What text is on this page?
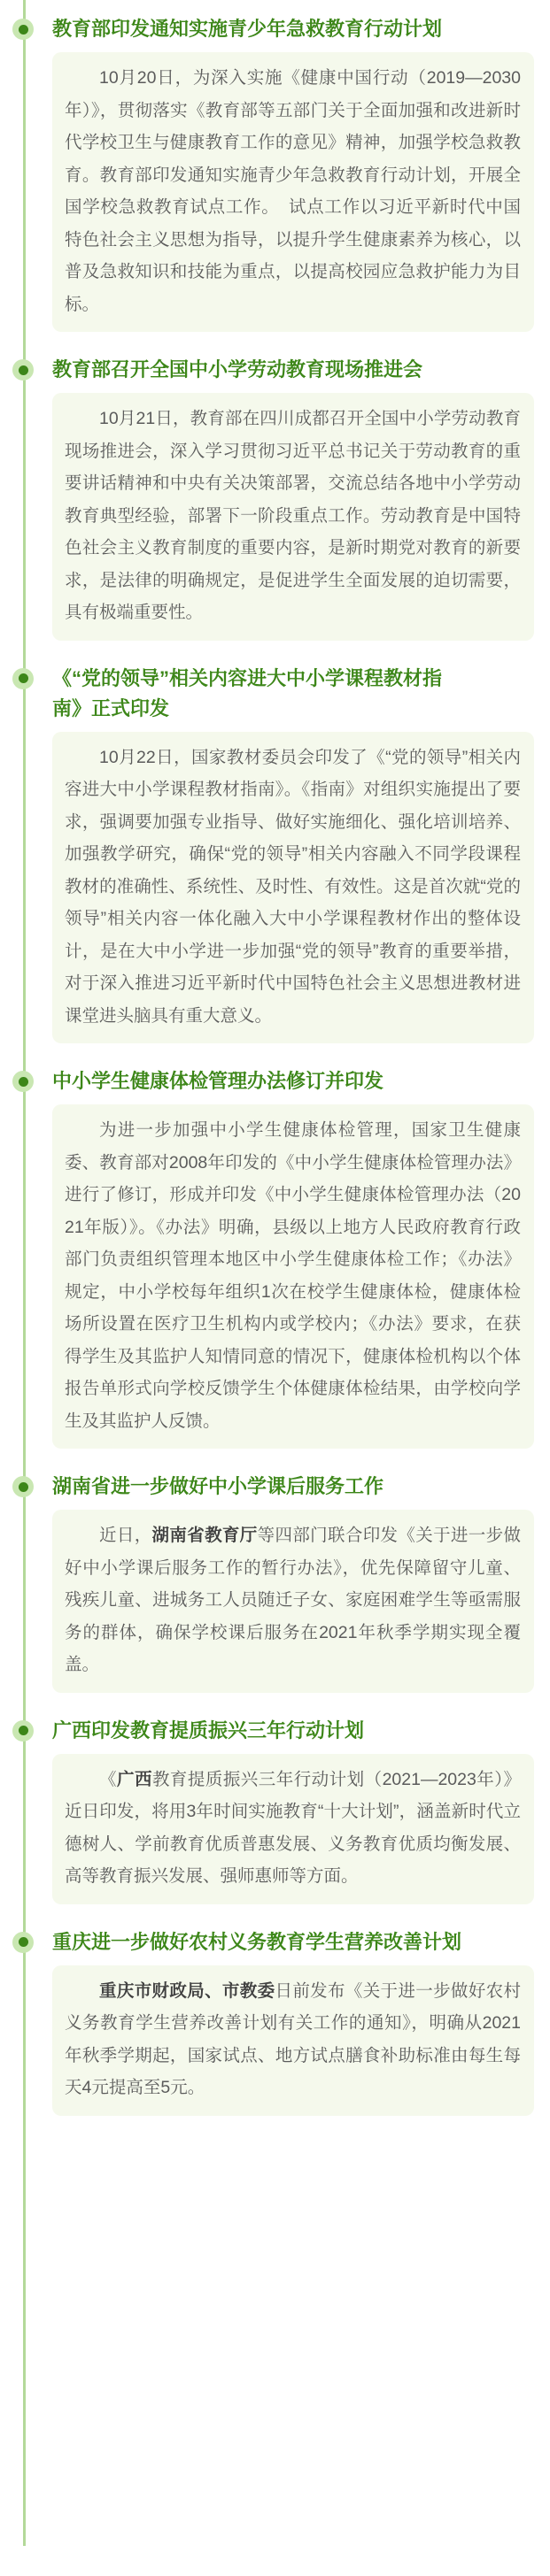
教育部印发通知实施青少年急救教育行动计划

10月20日，为深入实施《健康中国行动（2019—2030年）》，贯彻落实《教育部等五部门关于全面加强和改进新时代学校卫生与健康教育工作的意见》精神，加强学校急救教育。教育部印发通知实施青少年急救教育行动计划，开展全国学校急救教育试点工作。　试点工作以习近平新时代中国特色社会主义思想为指导，以提升学生健康素养为核心，以普及急救知识和技能为重点，以提高校园应急救护能力为目标。

教育部召开全国中小学劳动教育现场推进会

10月21日，教育部在四川成都召开全国中小学劳动教育现场推进会，深入学习贯彻习近平总书记关于劳动教育的重要讲话精神和中央有关决策部署，交流总结各地中小学劳动教育典型经验，部署下一阶段重点工作。劳动教育是中国特色社会主义教育制度的重要内容，是新时期党对教育的新要求，是法律的明确规定，是促进学生全面发展的迫切需要，具有极端重要性。

《“党的领导”相关内容进大中小学课程教材指南》正式印发

10月22日，国家教材委员会印发了《“党的领导”相关内容进大中小学课程教材指南》。《指南》对组织实施提出了要求，强调要加强专业指导、做好实施细化、强化培训培养、加强教学研究，确保“党的领导”相关内容融入不同学段课程教材的准确性、系统性、及时性、有效性。这是首次就“党的领导”相关内容一体化融入大中小学课程教材作出的整体设计，是在大中小学进一步加强“党的领导”教育的重要举措，对于深入推进习近平新时代中国特色社会主义思想进教材进课堂进头脑具有重大意义。

中小学生健康体检管理办法修订并印发

为进一步加强中小学生健康体检管理，国家卫生健康委、教育部对2008年印发的《中小学生健康体检管理办法》进行了修订，形成并印发《中小学生健康体检管理办法（2021年版）》。《办法》明确，县级以上地方人民政府教育行政部门负责组织管理本地区中小学生健康体检工作；《办法》规定，中小学校每年组织1次在校学生健康体检，健康体检场所设置在医疗卫生机构内或学校内；《办法》要求，在获得学生及其监护人知情同意的情况下，健康体检机构以个体报告单形式向学校反馈学生个体健康体检结果，由学校向学生及其监护人反馈。

湖南省进一步做好中小学课后服务工作

近日，湖南省教育厅等四部门联合印发《关于进一步做好中小学课后服务工作的暂行办法》，优先保障留守儿童、残疾儿童、进城务工人员随迁子女、家庭困难学生等亟需服务的群体，确保学校课后服务在2021年秋季学期实现全覆盖。

广西印发教育提质振兴三年行动计划

《广西教育提质振兴三年行动计划（2021—2023年）》近日印发，将用3年时间实施教育“十大计划”，涵盖新时代立德树人、学前教育优质普惠发展、义务教育优质均衡发展、高等教育振兴发展、强师惠师等方面。

重庆进一步做好农村义务教育学生营养改善计划

重庆市财政局、市教委日前发布《关于进一步做好农村义务教育学生营养改善计划有关工作的通知》，明确从2021年秋季学期起，国家试点、地方试点膳食补助标准由每生每天4元提高至5元。
